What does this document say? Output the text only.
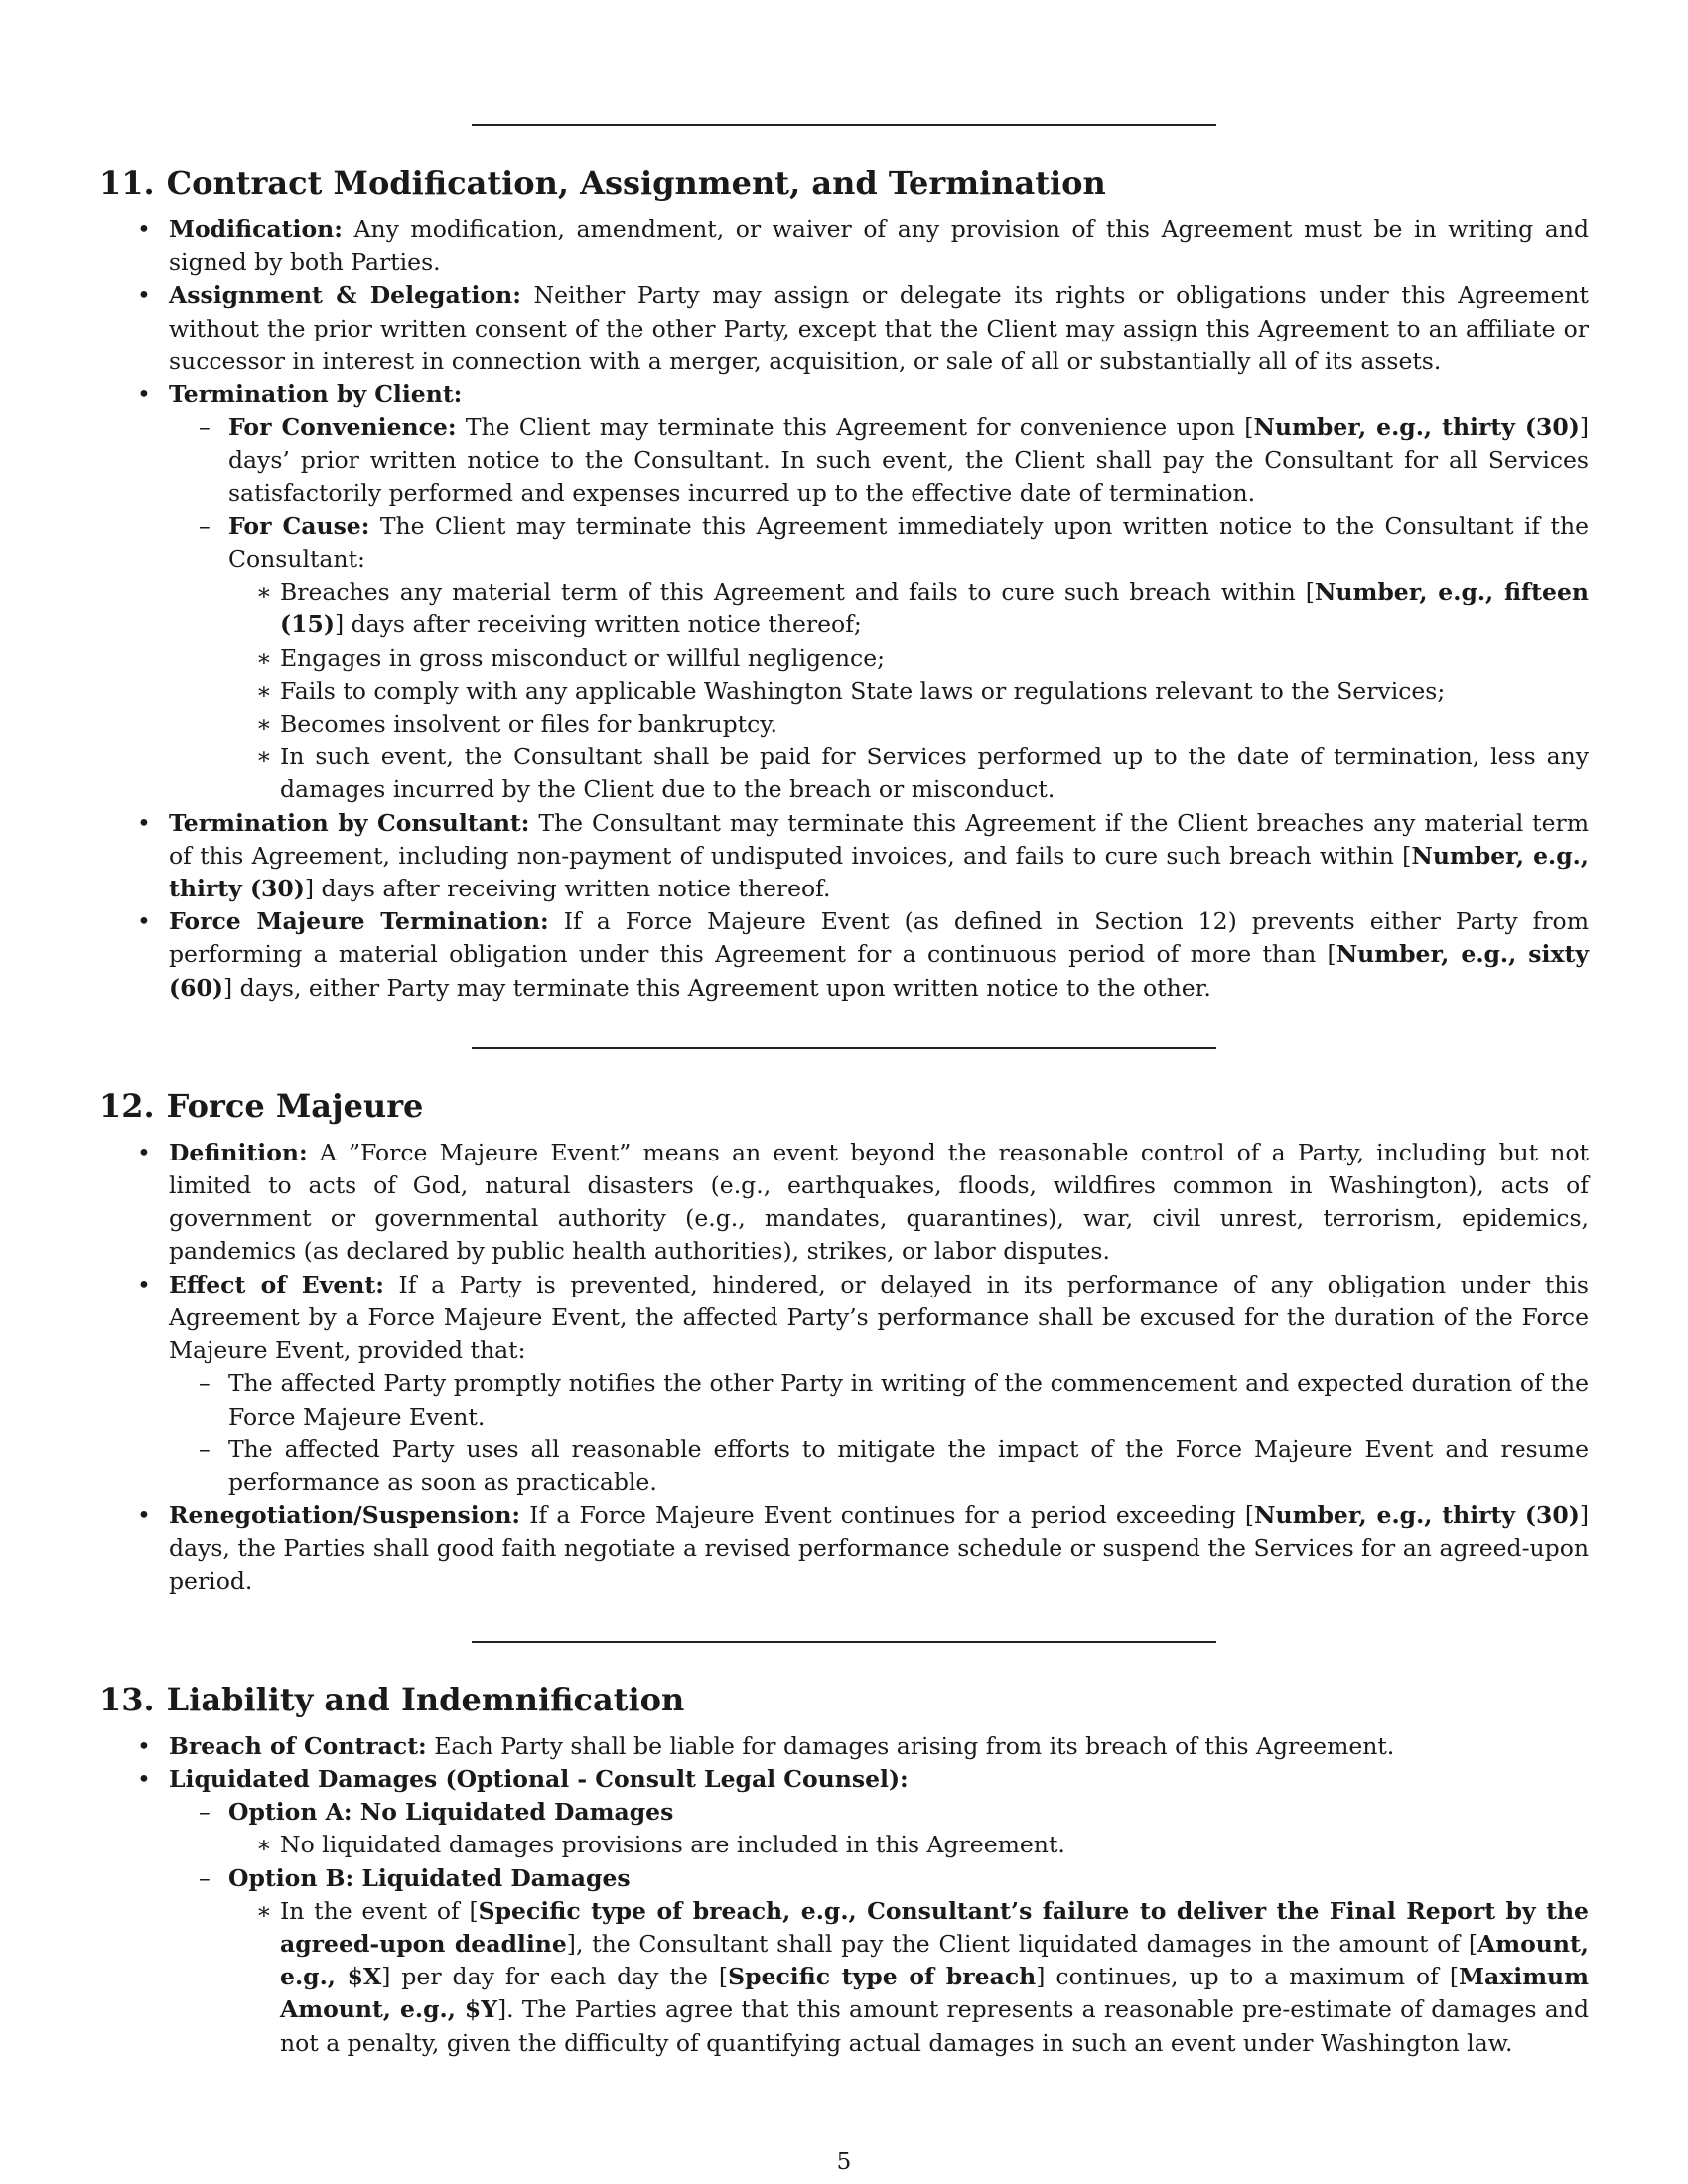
11. Contract Modification, Assignment, and Termination
• Modification: Any modification, amendment, or waiver of any provision of this Agreement must be in writing and signed by both Parties.
• Assignment & Delegation: Neither Party may assign or delegate its rights or obligations under this Agreement without the prior written consent of the other Party, except that the Client may assign this Agreement to an affiliate or successor in interest in connection with a merger, acquisition, or sale of all or substantially all of its assets.
• Termination by Client:
– For Convenience: The Client may terminate this Agreement for convenience upon [Number, e.g., thirty (30)] days’ prior written notice to the Consultant. In such event, the Client shall pay the Consultant for all Services satisfactorily performed and expenses incurred up to the effective date of termination.
– For Cause: The Client may terminate this Agreement immediately upon written notice to the Consultant if the Consultant:
∗ Breaches any material term of this Agreement and fails to cure such breach within [Number, e.g., fifteen (15)] days after receiving written notice thereof;
∗ Engages in gross misconduct or willful negligence;
∗ Fails to comply with any applicable Washington State laws or regulations relevant to the Services;
∗ Becomes insolvent or files for bankruptcy.
∗ In such event, the Consultant shall be paid for Services performed up to the date of termination, less any damages incurred by the Client due to the breach or misconduct.
• Termination by Consultant: The Consultant may terminate this Agreement if the Client breaches any material term of this Agreement, including non-payment of undisputed invoices, and fails to cure such breach within [Number, e.g., thirty (30)] days after receiving written notice thereof.
• Force Majeure Termination: If a Force Majeure Event (as defined in Section 12) prevents either Party from performing a material obligation under this Agreement for a continuous period of more than [Number, e.g., sixty (60)] days, either Party may terminate this Agreement upon written notice to the other.
12. Force Majeure
• Definition: A ”Force Majeure Event” means an event beyond the reasonable control of a Party, including but not limited to acts of God, natural disasters (e.g., earthquakes, floods, wildfires common in Washington), acts of government or governmental authority (e.g., mandates, quarantines), war, civil unrest, terrorism, epidemics, pandemics (as declared by public health authorities), strikes, or labor disputes.
• Effect of Event: If a Party is prevented, hindered, or delayed in its performance of any obligation under this Agreement by a Force Majeure Event, the affected Party’s performance shall be excused for the duration of the Force Majeure Event, provided that:
– The affected Party promptly notifies the other Party in writing of the commencement and expected duration of the Force Majeure Event.
– The affected Party uses all reasonable efforts to mitigate the impact of the Force Majeure Event and resume performance as soon as practicable.
• Renegotiation/Suspension: If a Force Majeure Event continues for a period exceeding [Number, e.g., thirty (30)] days, the Parties shall good faith negotiate a revised performance schedule or suspend the Services for an agreed-upon period.
13. Liability and Indemnification
• Breach of Contract: Each Party shall be liable for damages arising from its breach of this Agreement.
• Liquidated Damages (Optional - Consult Legal Counsel):
– Option A: No Liquidated Damages
∗ No liquidated damages provisions are included in this Agreement.
– Option B: Liquidated Damages
∗ In the event of [Specific type of breach, e.g., Consultant’s failure to deliver the Final Report by the agreed-upon deadline], the Consultant shall pay the Client liquidated damages in the amount of [Amount, e.g., $X] per day for each day the [Specific type of breach] continues, up to a maximum of [Maximum Amount, e.g., $Y]. The Parties agree that this amount represents a reasonable pre-estimate of damages and not a penalty, given the difficulty of quantifying actual damages in such an event under Washington law.
5
